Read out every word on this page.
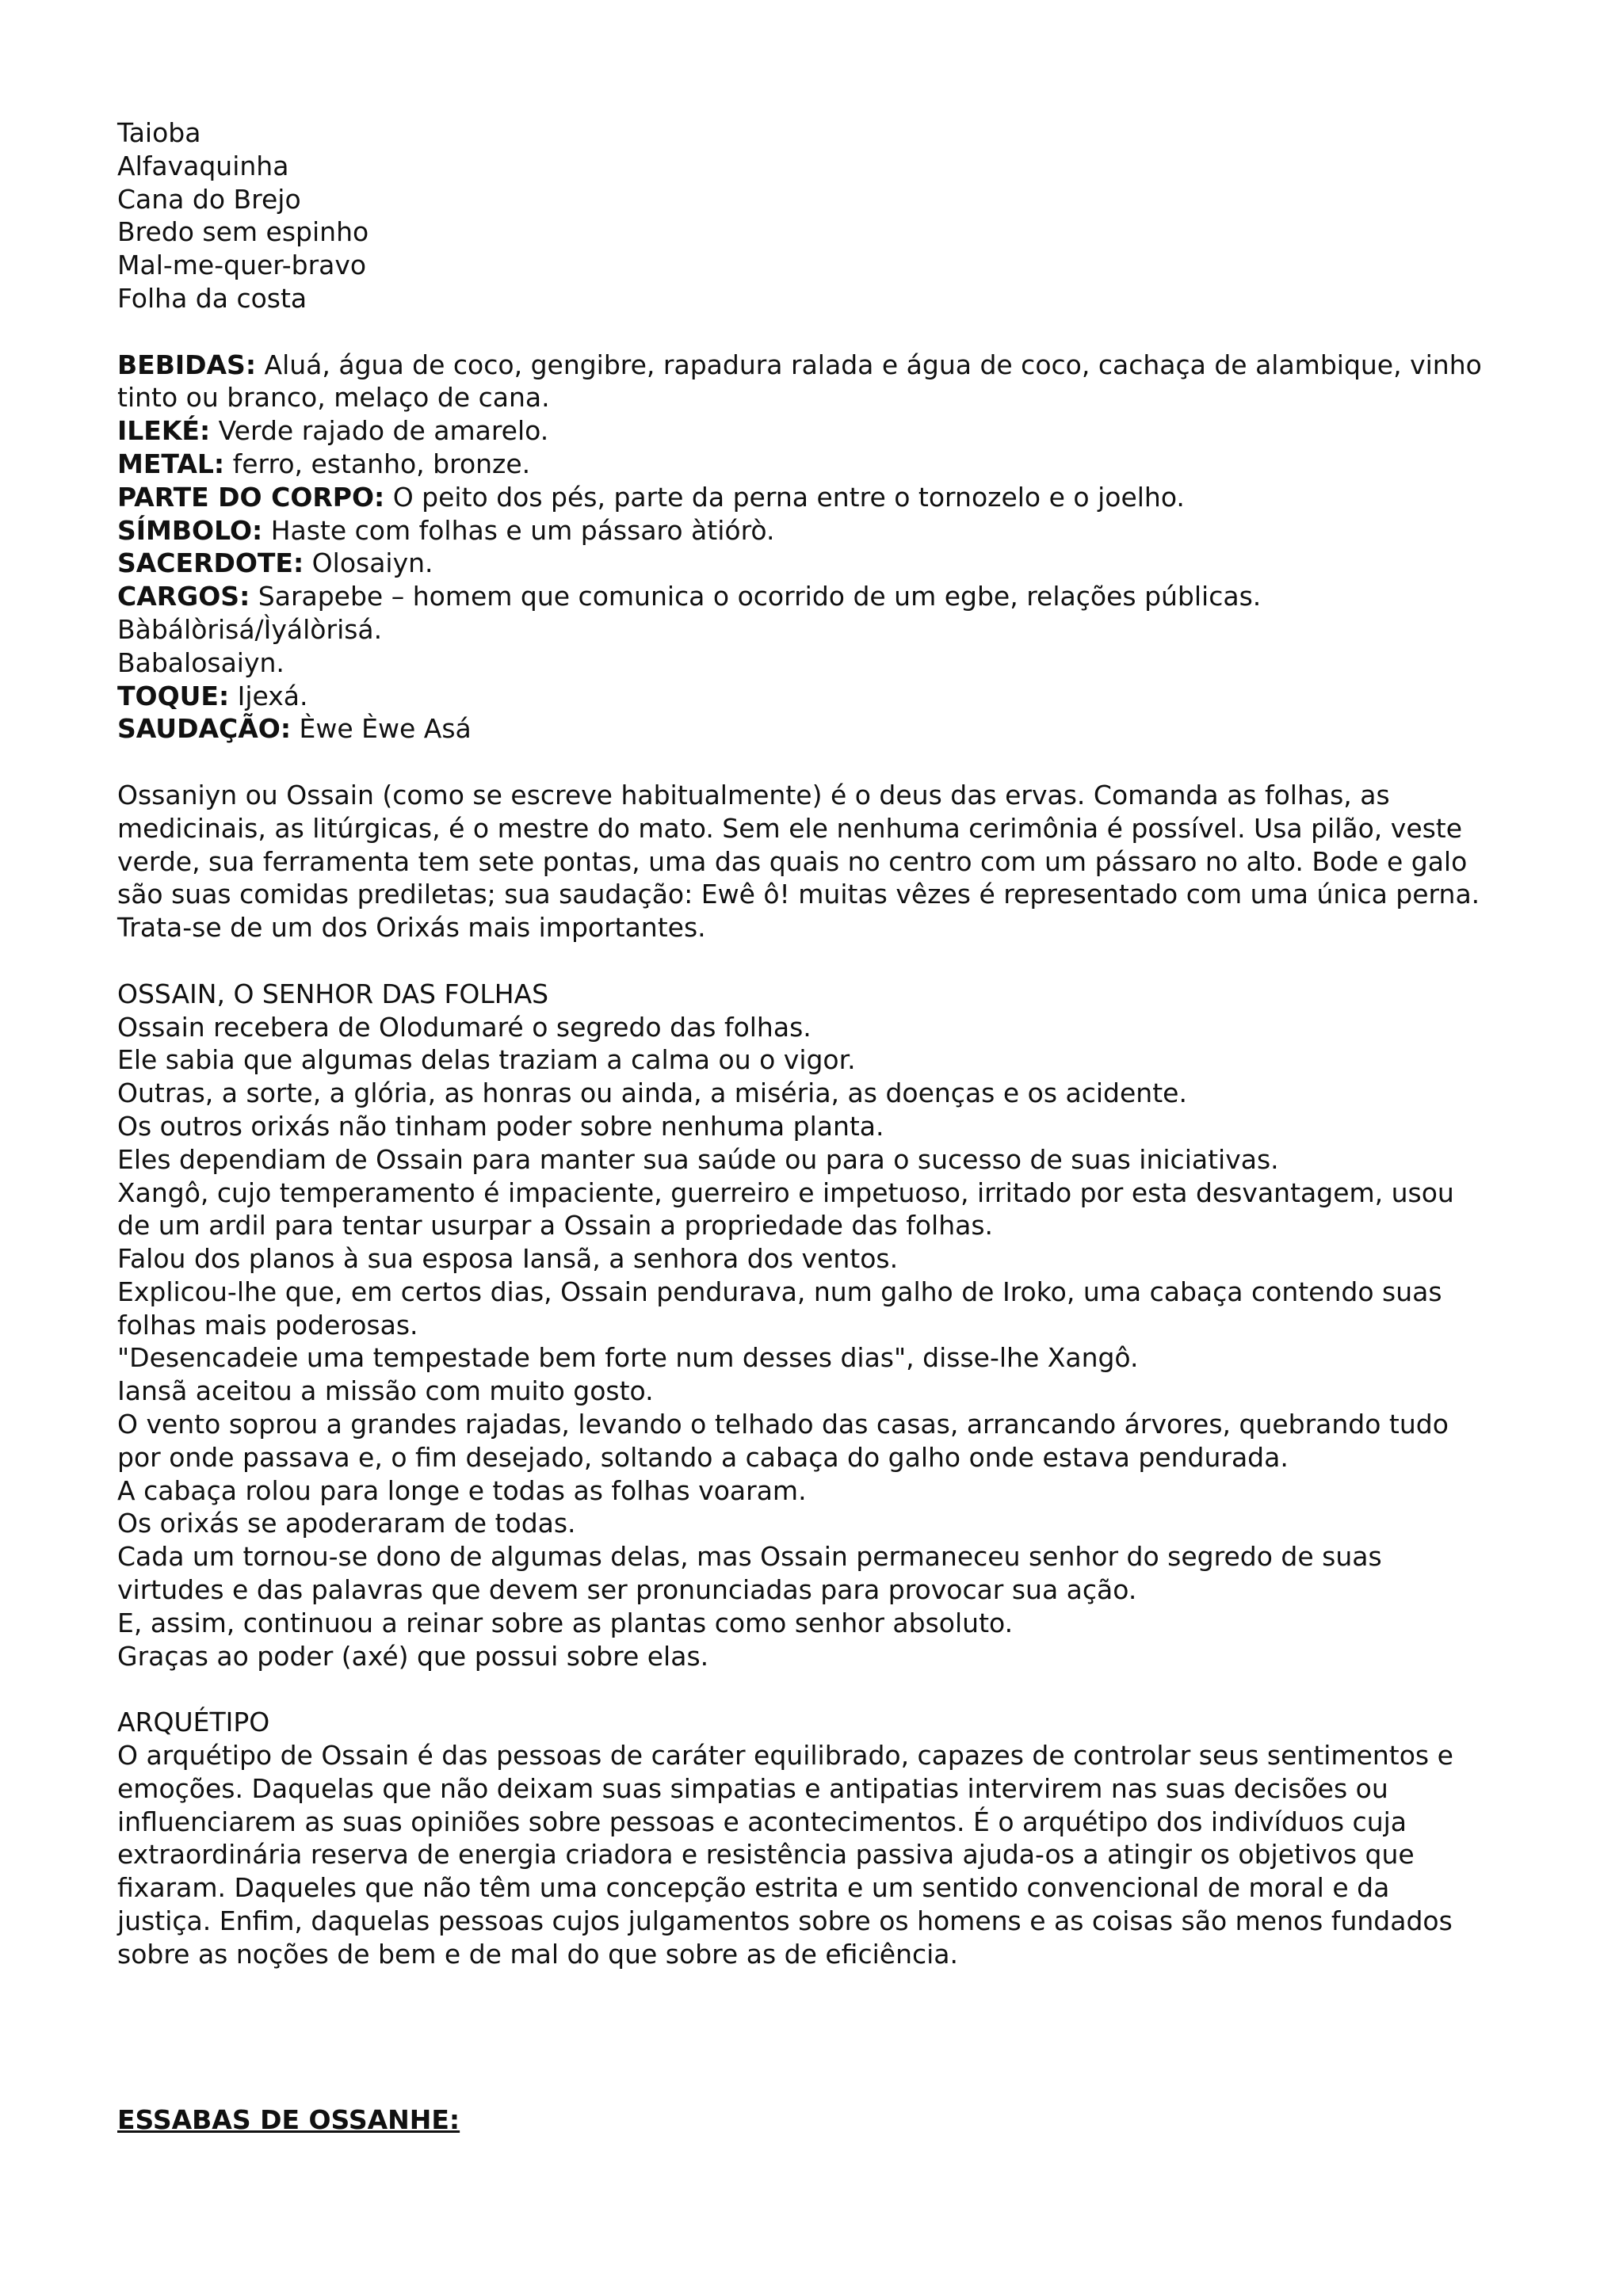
Taioba
Alfavaquinha
Cana do Brejo
Bredo sem espinho
Mal-me-quer-bravo
Folha da costa
BEBIDAS: Aluá, água de coco, gengibre, rapadura ralada e água de coco, cachaça de alambique, vinho
tinto ou branco, melaço de cana.
ILEKÉ: Verde rajado de amarelo.
METAL: ferro, estanho, bronze.
PARTE DO CORPO: O peito dos pés, parte da perna entre o tornozelo e o joelho.
SÍMBOLO: Haste com folhas e um pássaro àtiórò.
SACERDOTE: Olosaiyn.
CARGOS: Sarapebe – homem que comunica o ocorrido de um egbe, relações públicas.
Bàbálòrisá/Ìyálòrisá.
Babalosaiyn.
TOQUE: Ijexá.
SAUDAÇÃO: Ѐwe Ѐwe Asá
Ossaniyn ou Ossain (como se escreve habitualmente) é o deus das ervas. Comanda as folhas, as
medicinais, as litúrgicas, é o mestre do mato. Sem ele nenhuma cerimônia é possível. Usa pilão, veste
verde, sua ferramenta tem sete pontas, uma das quais no centro com um pássaro no alto. Bode e galo
são suas comidas prediletas; sua saudação: Ewê ô! muitas vêzes é representado com uma única perna.
Trata-se de um dos Orixás mais importantes.
OSSAIN, O SENHOR DAS FOLHAS
Ossain recebera de Olodumaré o segredo das folhas.
Ele sabia que algumas delas traziam a calma ou o vigor.
Outras, a sorte, a glória, as honras ou ainda, a miséria, as doenças e os acidente.
Os outros orixás não tinham poder sobre nenhuma planta.
Eles dependiam de Ossain para manter sua saúde ou para o sucesso de suas iniciativas.
Xangô, cujo temperamento é impaciente, guerreiro e impetuoso, irritado por esta desvantagem, usou
de um ardil para tentar usurpar a Ossain a propriedade das folhas.
Falou dos planos à sua esposa Iansã, a senhora dos ventos.
Explicou-lhe que, em certos dias, Ossain pendurava, num galho de Iroko, uma cabaça contendo suas
folhas mais poderosas.
"Desencadeie uma tempestade bem forte num desses dias", disse-lhe Xangô.
Iansã aceitou a missão com muito gosto.
O vento soprou a grandes rajadas, levando o telhado das casas, arrancando árvores, quebrando tudo
por onde passava e, o fim desejado, soltando a cabaça do galho onde estava pendurada.
A cabaça rolou para longe e todas as folhas voaram.
Os orixás se apoderaram de todas.
Cada um tornou-se dono de algumas delas, mas Ossain permaneceu senhor do segredo de suas
virtudes e das palavras que devem ser pronunciadas para provocar sua ação.
E, assim, continuou a reinar sobre as plantas como senhor absoluto.
Graças ao poder (axé) que possui sobre elas.
ARQUÉTIPO
O arquétipo de Ossain é das pessoas de caráter equilibrado, capazes de controlar seus sentimentos e
emoções. Daquelas que não deixam suas simpatias e antipatias intervirem nas suas decisões ou
influenciarem as suas opiniões sobre pessoas e acontecimentos. É o arquétipo dos indivíduos cuja
extraordinária reserva de energia criadora e resistência passiva ajuda-os a atingir os objetivos que
fixaram. Daqueles que não têm uma concepção estrita e um sentido convencional de moral e da
justiça. Enfim, daquelas pessoas cujos julgamentos sobre os homens e as coisas são menos fundados
sobre as noções de bem e de mal do que sobre as de eficiência.
ESSABAS DE OSSANHE:
